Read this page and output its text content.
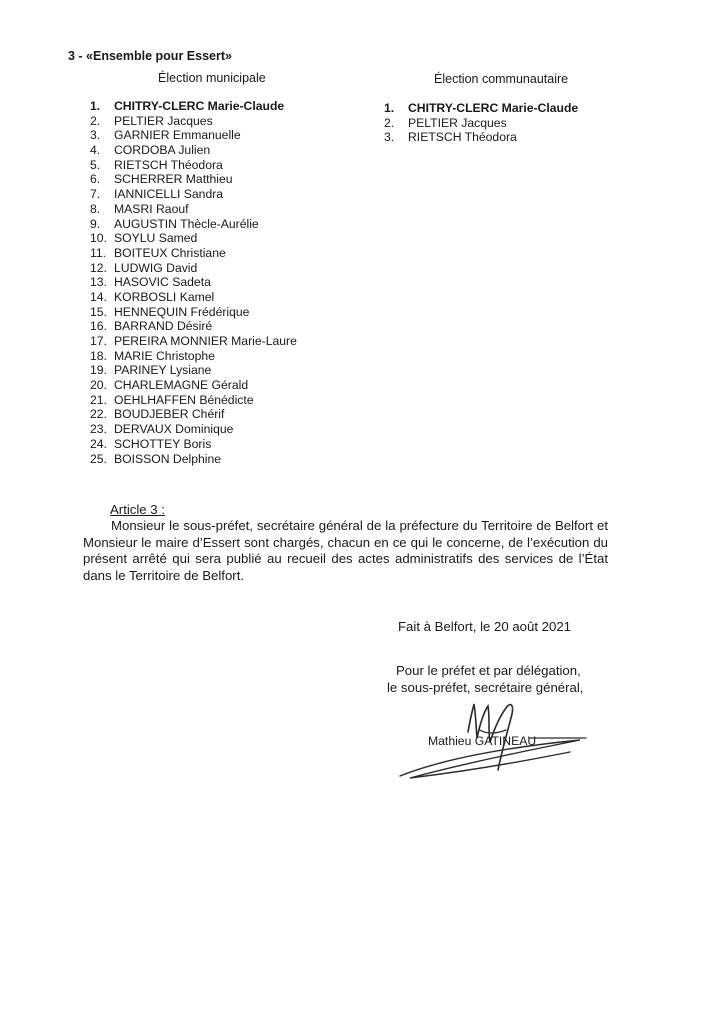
3 - «Ensemble pour Essert»
Élection municipale	Élection communautaire
1. CHITRY-CLERC Marie-Claude
2. PELTIER Jacques
3. GARNIER Emmanuelle
4. CORDOBA Julien
5. RIETSCH Théodora
6. SCHERRER Matthieu
7. IANNICELLI Sandra
8. MASRI Raouf
9. AUGUSTIN Thècle-Aurélie
10. SOYLU Samed
11. BOITEUX Christiane
12. LUDWIG David
13. HASOVIC Sadeta
14. KORBOSLI Kamel
15. HENNEQUIN Frédérique
16. BARRAND Désiré
17. PEREIRA MONNIER Marie-Laure
18. MARIE Christophe
19. PARINEY Lysiane
20. CHARLEMAGNE Gérald
21. OEHLHAFFEN Bénédicte
22. BOUDJEBER Chérif
23. DERVAUX Dominique
24. SCHOTTEY Boris
25. BOISSON Delphine
1. CHITRY-CLERC Marie-Claude
2. PELTIER Jacques
3. RIETSCH Théodora
Article 3 :

Monsieur le sous-préfet, secrétaire général de la préfecture du Territoire de Belfort et Monsieur le maire d’Essert sont chargés, chacun en ce qui le concerne, de l’exécution du présent arrêté qui sera publié au recueil des actes administratifs des services de l’État dans le Territoire de Belfort.

Fait à Belfort, le 20 août 2021
Pour le préfet et par délégation,
le sous-préfet, secrétaire général,
Mathieu GATINEAU
